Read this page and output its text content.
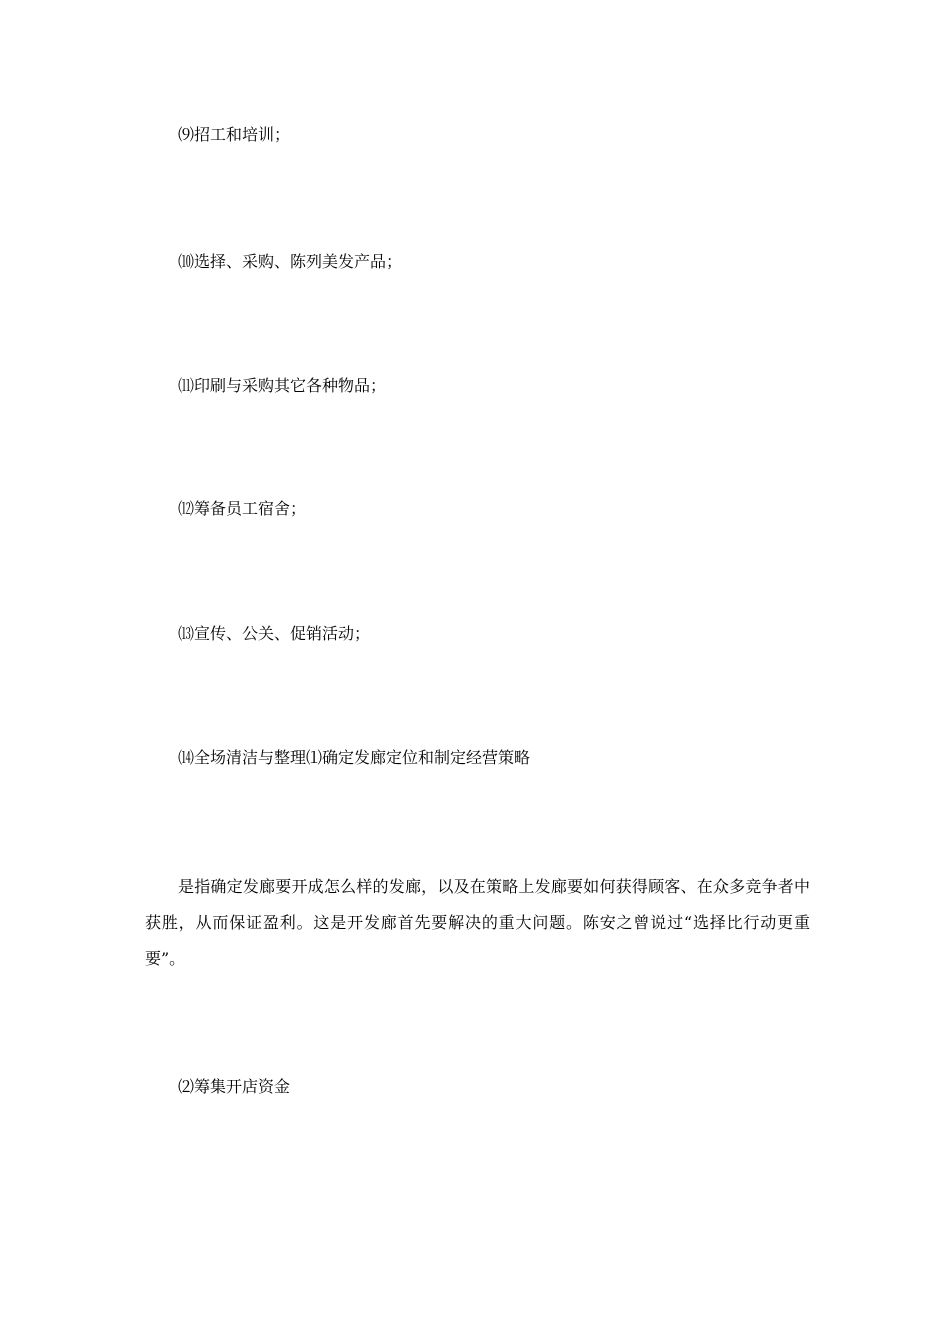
⑼招工和培训；

⑽选择、采购、陈列美发产品；

⑾印刷与采购其它各种物品；

⑿筹备员工宿舍；

⒀宣传、公关、促销活动；

⒁全场清洁与整理⑴确定发廊定位和制定经营策略

是指确定发廊要开成怎么样的发廊，以及在策略上发廊要如何获得顾客、在众多竞争者中获胜，从而保证盈利。这是开发廊首先要解决的重大问题。陈安之曾说过“选择比行动更重要”。

⑵筹集开店资金
